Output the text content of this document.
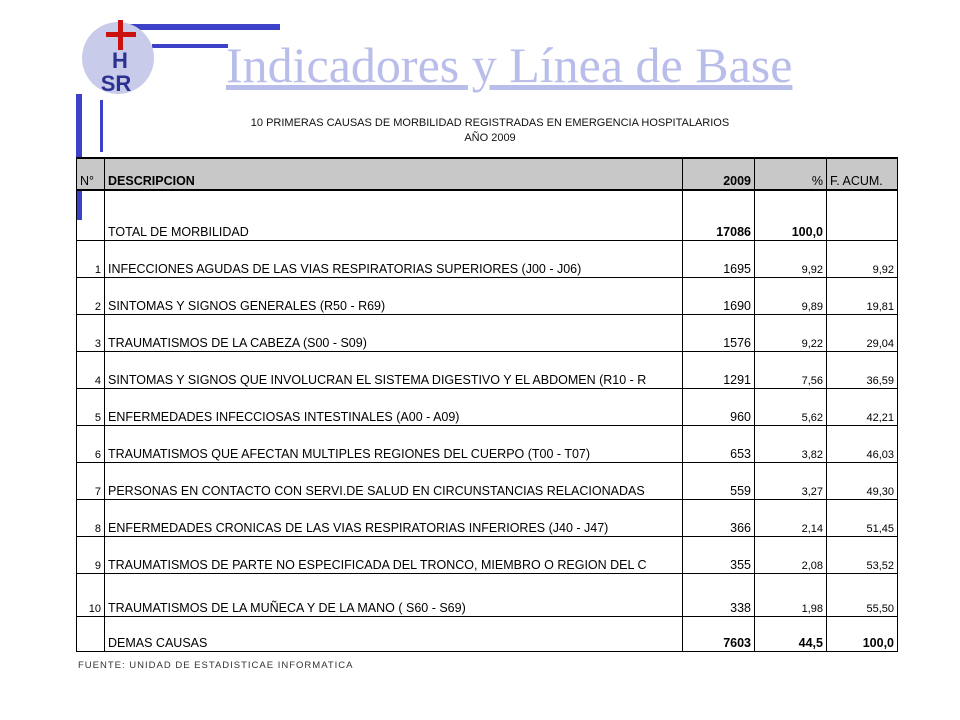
H
SR Indicadores y Línea de Base
10 PRIMERAS CAUSAS DE MORBILIDAD REGISTRADAS EN EMERGENCIA HOSPITALARIOS
AÑO 2009
N°	DESCRIPCION	2009	%	F. ACUM.
	TOTAL DE MORBILIDAD	17086	100,0	
1	INFECCIONES AGUDAS DE LAS VIAS RESPIRATORIAS SUPERIORES (J00 - J06)	1695	9,92	9,92
2	SINTOMAS Y SIGNOS GENERALES (R50 - R69)	1690	9,89	19,81
3	TRAUMATISMOS DE LA CABEZA (S00 - S09)	1576	9,22	29,04
4	SINTOMAS Y SIGNOS QUE INVOLUCRAN EL SISTEMA DIGESTIVO Y EL ABDOMEN (R10 - R	1291	7,56	36,59
5	ENFERMEDADES INFECCIOSAS INTESTINALES (A00 - A09)	960	5,62	42,21
6	TRAUMATISMOS QUE AFECTAN MULTIPLES REGIONES DEL CUERPO (T00 - T07)	653	3,82	46,03
7	PERSONAS EN CONTACTO CON SERVI.DE SALUD EN CIRCUNSTANCIAS RELACIONADAS	559	3,27	49,30
8	ENFERMEDADES CRONICAS DE LAS VIAS RESPIRATORIAS INFERIORES (J40 - J47)	366	2,14	51,45
9	TRAUMATISMOS DE PARTE NO ESPECIFICADA DEL TRONCO, MIEMBRO O REGION DEL C	355	2,08	53,52
10	TRAUMATISMOS DE LA MUÑECA Y DE LA MANO ( S60 - S69)	338	1,98	55,50
	DEMAS CAUSAS	7603	44,5	100,0
FUENTE: UNIDAD DE ESTADISTICAE INFORMATICA
